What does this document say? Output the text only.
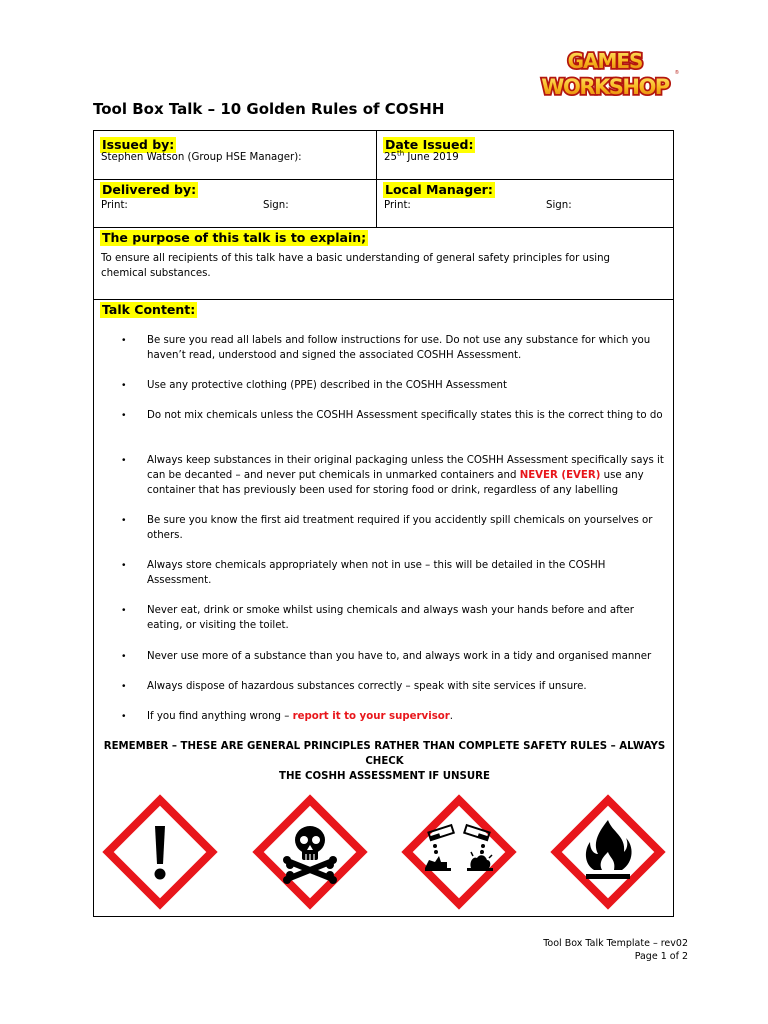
GAMES
WORKSHOP
®
Tool Box Talk – 10 Golden Rules of COSHH
Issued by:
Stephen Watson (Group HSE Manager):
Date Issued:
25th June 2019
Delivered by:
Print:	Sign:
Local Manager:
Print:	Sign:
The purpose of this talk is to explain;
To ensure all recipients of this talk have a basic understanding of general safety principles for using chemical substances.
Talk Content:
• Be sure you read all labels and follow instructions for use. Do not use any substance for which you haven’t read, understood and signed the associated COSHH Assessment.
• Use any protective clothing (PPE) described in the COSHH Assessment
• Do not mix chemicals unless the COSHH Assessment specifically states this is the correct thing to do
• Always keep substances in their original packaging unless the COSHH Assessment specifically says it can be decanted – and never put chemicals in unmarked containers and NEVER (EVER) use any container that has previously been used for storing food or drink, regardless of any labelling
• Be sure you know the first aid treatment required if you accidently spill chemicals on yourselves or others.
• Always store chemicals appropriately when not in use – this will be detailed in the COSHH Assessment.
• Never eat, drink or smoke whilst using chemicals and always wash your hands before and after eating, or visiting the toilet.
• Never use more of a substance than you have to, and always work in a tidy and organised manner
• Always dispose of hazardous substances correctly – speak with site services if unsure.
• If you find anything wrong – report it to your supervisor.
REMEMBER – THESE ARE GENERAL PRINCIPLES RATHER THAN COMPLETE SAFETY RULES – ALWAYS CHECK
THE COSHH ASSESSMENT IF UNSURE
Tool Box Talk Template – rev02
Page 1 of 2
